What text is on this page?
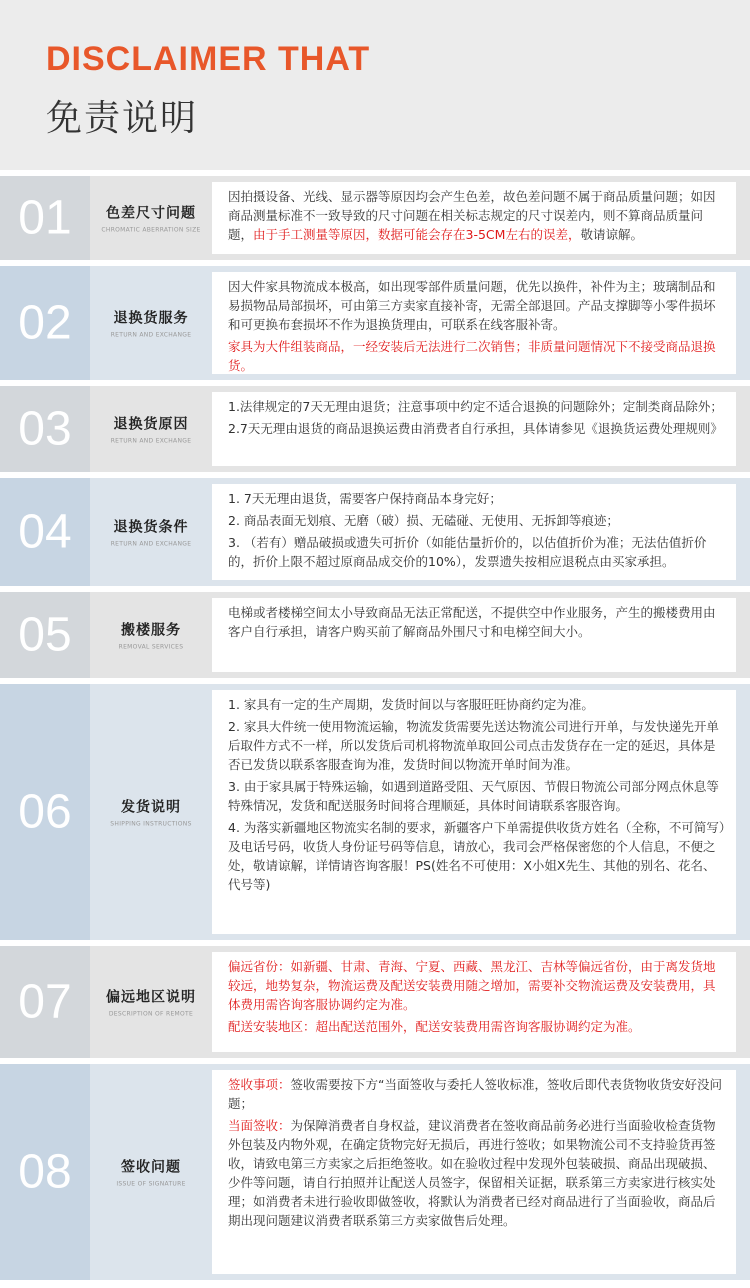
DISCLAIMER THAT
免责说明
01	色差尺寸问题
CHROMATIC ABERRATION SIZE

因拍摄设备、光线、显示器等原因均会产生色差，故色差问题不属于商品质量问题；如因商品测量标准不一致导致的尺寸问题在相关标志规定的尺寸误差内，则不算商品质量问题，由于手工测量等原因，数据可能会存在3-5CM左右的误差，敬请谅解。

02	退换货服务
RETURN AND EXCHANGE

因大件家具物流成本极高，如出现零部件质量问题，优先以换件，补件为主；玻璃制品和易损物品局部损坏，可由第三方卖家直接补寄，无需全部退回。产品支撑脚等小零件损坏和可更换布套损坏不作为退换货理由，可联系在线客服补寄。

家具为大件组装商品，一经安装后无法进行二次销售；非质量问题情况下不接受商品退换货。

03	退换货原因
RETURN AND EXCHANGE

1.法律规定的7天无理由退货；注意事项中约定不适合退换的问题除外；定制类商品除外；

2.7天无理由退货的商品退换运费由消费者自行承担，具体请参见《退换货运费处理规则》

04	退换货条件
RETURN AND EXCHANGE

1. 7天无理由退货，需要客户保持商品本身完好；

2. 商品表面无划痕、无磨（破）损、无磕碰、无使用、无拆卸等痕迹；

3. （若有）赠品破损或遗失可折价（如能估量折价的，以估值折价为准；无法估值折价的，折价上限不超过原商品成交价的10%），发票遗失按相应退税点由买家承担。

05	搬楼服务
REMOVAL SERVICES

电梯或者楼梯空间太小导致商品无法正常配送，不提供空中作业服务，产生的搬楼费用由客户自行承担，请客户购买前了解商品外围尺寸和电梯空间大小。

06	发货说明
SHIPPING INSTRUCTIONS

1. 家具有一定的生产周期，发货时间以与客服旺旺协商约定为准。

2. 家具大件统一使用物流运输，物流发货需要先送达物流公司进行开单，与发快递先开单后取件方式不一样，所以发货后司机将物流单取回公司点击发货存在一定的延迟，具体是否已发货以联系客服查询为准，发货时间以物流开单时间为准。

3. 由于家具属于特殊运输，如遇到道路受阻、天气原因、节假日物流公司部分网点休息等特殊情况，发货和配送服务时间将合理顺延，具体时间请联系客服咨询。

4. 为落实新疆地区物流实名制的要求，新疆客户下单需提供收货方姓名（全称，不可简写）及电话号码，收货人身份证号码等信息，请放心，我司会严格保密您的个人信息，不便之处，敬请谅解，详情请咨询客服！PS(姓名不可使用：X小姐X先生、其他的别名、花名、代号等)

07	偏远地区说明
DESCRIPTION OF REMOTE

偏远省份：如新疆、甘肃、青海、宁夏、西藏、黑龙江、吉林等偏远省份，由于离发货地较远，地势复杂，物流运费及配送安装费用随之增加，需要补交物流运费及安装费用，具体费用需咨询客服协调约定为准。

配送安装地区：超出配送范围外，配送安装费用需咨询客服协调约定为准。

08	签收问题
ISSUE OF SIGNATURE

签收事项：签收需要按下方“当面签收与委托人签收标准，签收后即代表货物收货安好没问题；

当面签收：为保障消费者自身权益，建议消费者在签收商品前务必进行当面验收检查货物外包装及内物外观，在确定货物完好无损后，再进行签收；如果物流公司不支持验货再签收，请致电第三方卖家之后拒绝签收。如在验收过程中发现外包装破损、商品出现破损、少件等问题，请自行拍照并让配送人员签字，保留相关证据，联系第三方卖家进行核实处理；如消费者未进行验收即做签收，将默认为消费者已经对商品进行了当面验收，商品后期出现问题建议消费者联系第三方卖家做售后处理。
